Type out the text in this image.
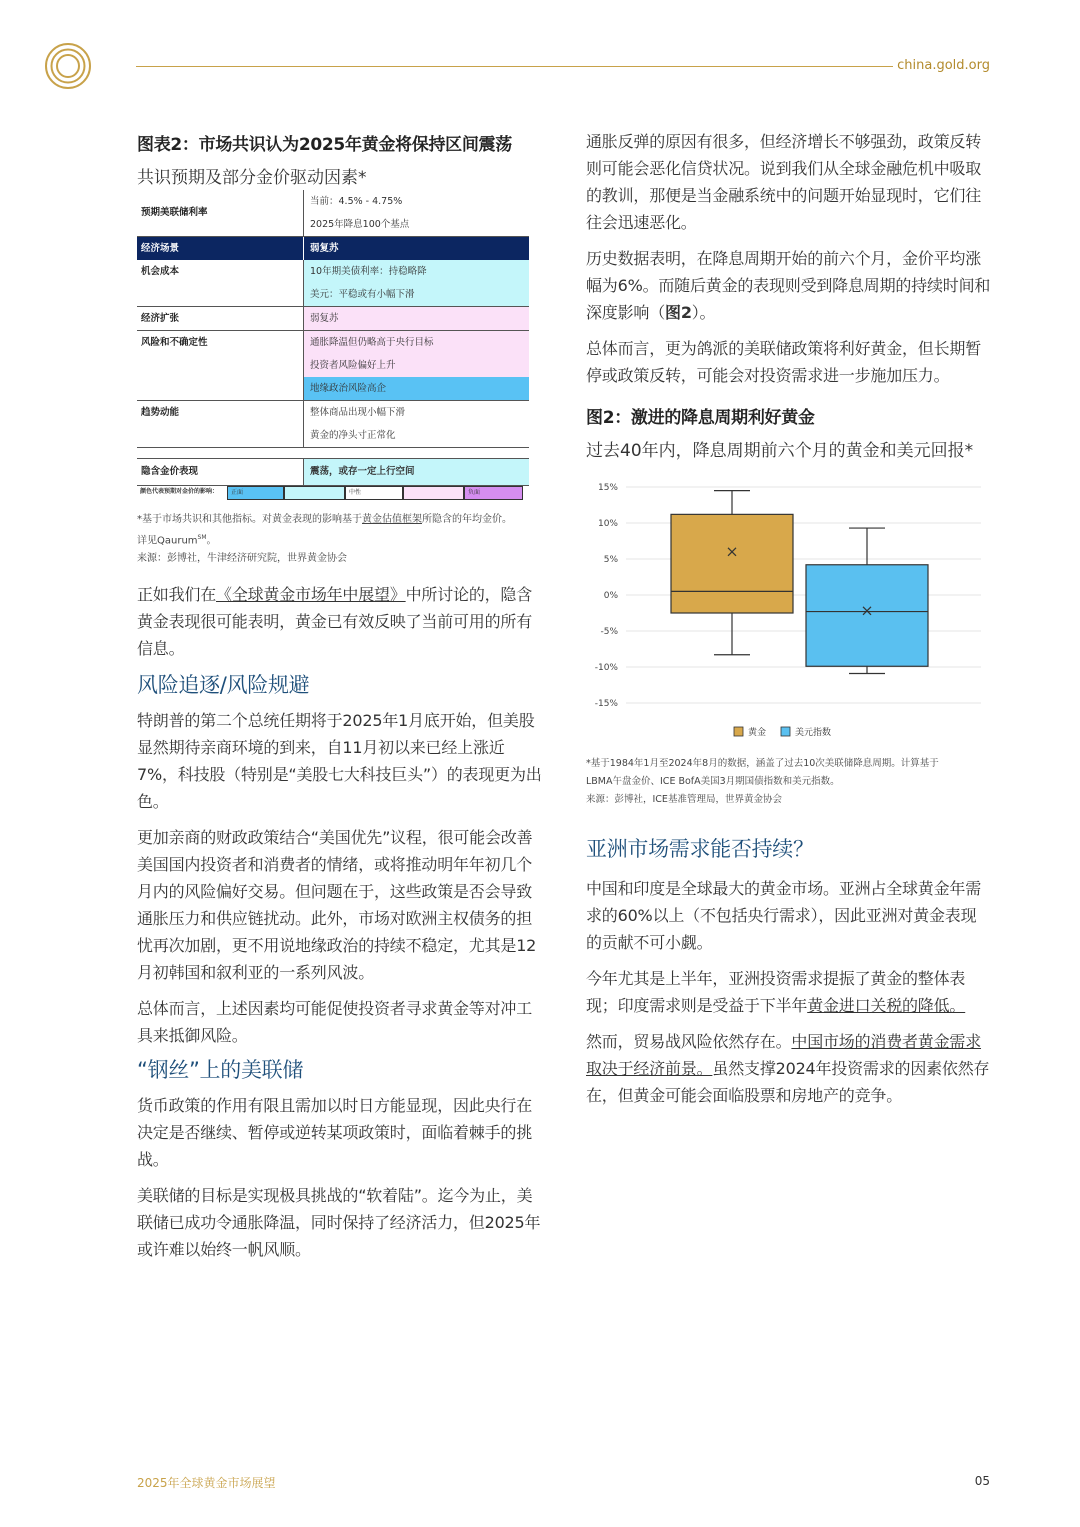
china.gold.org
图表2：市场共识认为2025年黄金将保持区间震荡
共识预期及部分金价驱动因素*
预期美联储利率
当前：4.5% - 4.75%
2025年降息100个基点
经济场景	弱复苏
机会成本	10年期美债利率：持稳略降
美元：平稳或有小幅下滑
经济扩张	弱复苏
风险和不确定性	通胀降温但仍略高于央行目标
投资者风险偏好上升
地缘政治风险高企
趋势动能	整体商品出现小幅下滑
黄金的净头寸正常化
隐含金价表现	震荡，或存一定上行空间
颜色代表预期对金价的影响：	正面	中性	负面
*基于市场共识和其他指标。对黄金表现的影响基于黄金估值框架所隐含的年均金价。
详见Qaurum℠。
来源：彭博社，牛津经济研究院，世界黄金协会

正如我们在《全球黄金市场年中展望》中所讨论的，隐含黄金表现很可能表明，黄金已有效反映了当前可用的所有信息。

风险追逐/风险规避

特朗普的第二个总统任期将于2025年1月底开始，但美股显然期待亲商环境的到来，自11月初以来已经上涨近7%，科技股（特别是“美股七大科技巨头”）的表现更为出色。

更加亲商的财政政策结合“美国优先”议程，很可能会改善美国国内投资者和消费者的情绪，或将推动明年年初几个月内的风险偏好交易。但问题在于，这些政策是否会导致通胀压力和供应链扰动。此外，市场对欧洲主权债务的担忧再次加剧，更不用说地缘政治的持续不稳定，尤其是12月初韩国和叙利亚的一系列风波。

总体而言，上述因素均可能促使投资者寻求黄金等对冲工具来抵御风险。

“钢丝”上的美联储

货币政策的作用有限且需加以时日方能显现，因此央行在决定是否继续、暂停或逆转某项政策时，面临着棘手的挑战。

美联储的目标是实现极具挑战的“软着陆”。迄今为止，美联储已成功令通胀降温，同时保持了经济活力，但2025年或许难以始终一帆风顺。

通胀反弹的原因有很多，但经济增长不够强劲，政策反转则可能会恶化信贷状况。说到我们从全球金融危机中吸取的教训，那便是当金融系统中的问题开始显现时，它们往往会迅速恶化。

历史数据表明，在降息周期开始的前六个月，金价平均涨幅为6%。而随后黄金的表现则受到降息周期的持续时间和深度影响（图2）。

总体而言，更为鸽派的美联储政策将利好黄金，但长期暂停或政策反转，可能会对投资需求进一步施加压力。

图2：激进的降息周期利好黄金
过去40年内，降息周期前六个月的黄金和美元回报*
15%
10%
5%
0%
-5%
-10%
-15%
黄金	美元指数
*基于1984年1月至2024年8月的数据，涵盖了过去10次美联储降息周期。计算基于
LBMA午盘金价、ICE BofA美国3月期国债指数和美元指数。
来源：彭博社，ICE基准管理局，世界黄金协会
亚洲市场需求能否持续？

中国和印度是全球最大的黄金市场。亚洲占全球黄金年需求的60%以上（不包括央行需求），因此亚洲对黄金表现的贡献不可小觑。

今年尤其是上半年，亚洲投资需求提振了黄金的整体表现；印度需求则是受益于下半年黄金进口关税的降低。

然而，贸易战风险依然存在。中国市场的消费者黄金需求取决于经济前景。虽然支撑2024年投资需求的因素依然存在，但黄金可能会面临股票和房地产的竞争。

2025年全球黄金市场展望	05
